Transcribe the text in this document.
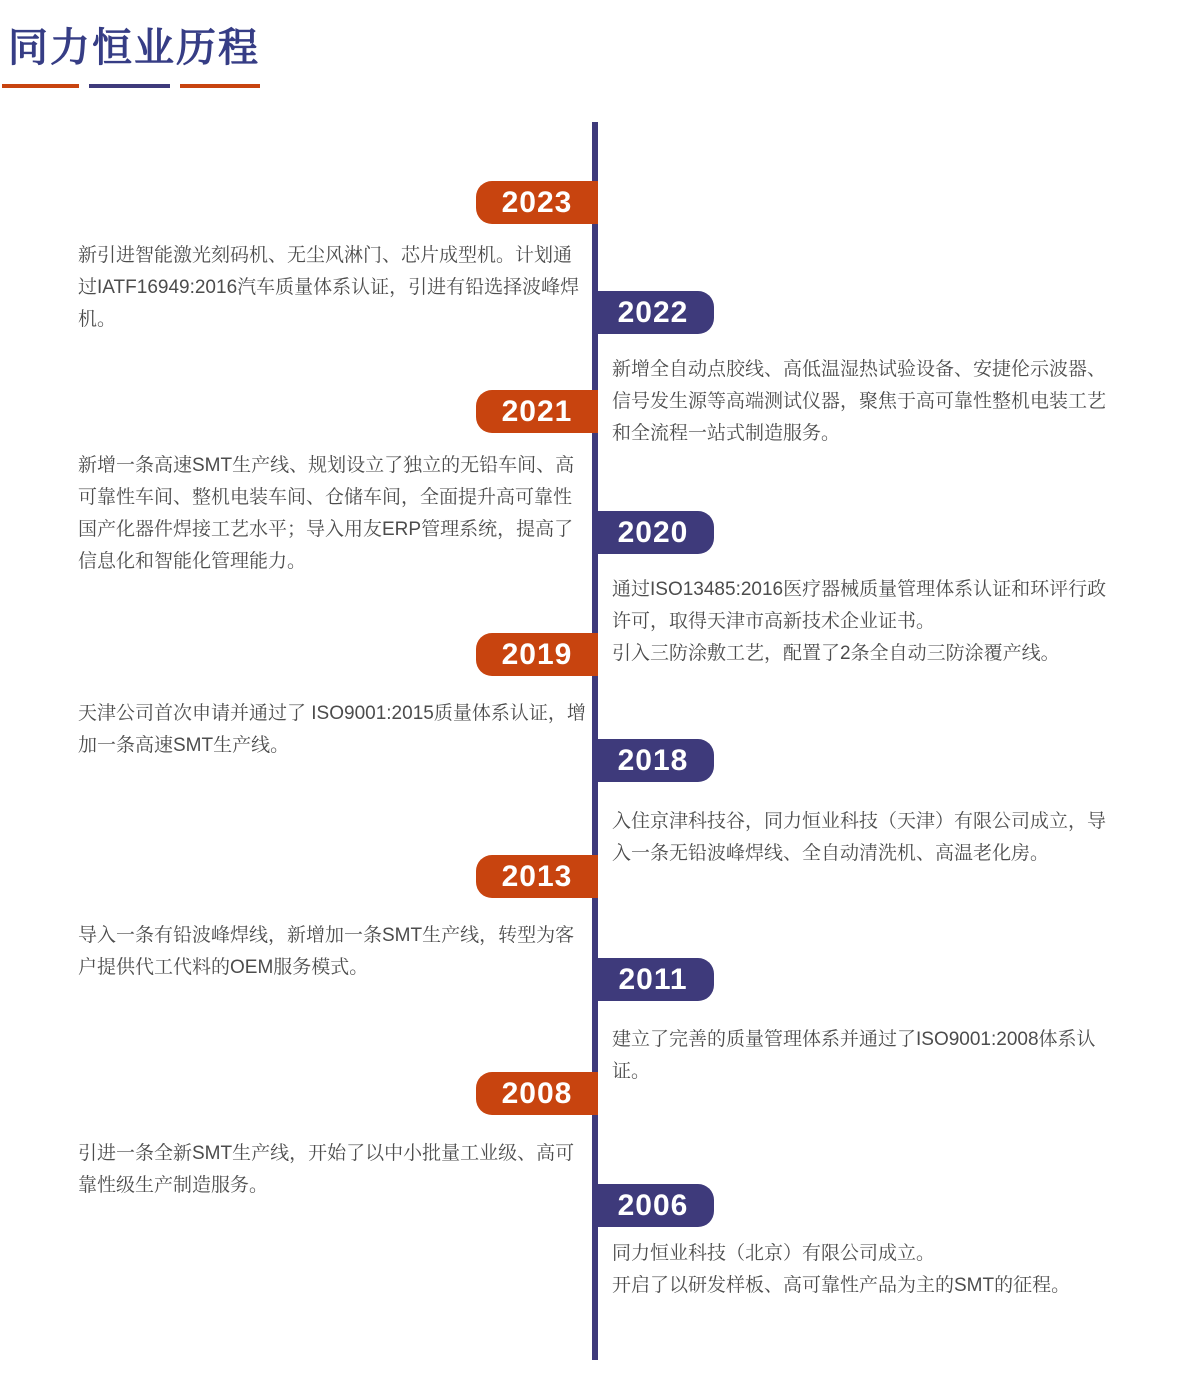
同力恒业历程
2023

新引进智能激光刻码机、无尘风淋门、芯片成型机。计划通过IATF16949:2016汽车质量体系认证，引进有铅选择波峰焊机。	2022

新增全自动点胶线、高低温湿热试验设备、安捷伦示波器、信号发生源等高端测试仪器，聚焦于高可靠性整机电装工艺和全流程一站式制造服务。

2021

新增一条高速SMT生产线、规划设立了独立的无铅车间、高可靠性车间、整机电装车间、仓储车间，全面提升高可靠性国产化器件焊接工艺水平；导入用友ERP管理系统，提高了信息化和智能化管理能力。

2020

通过ISO13485:2016医疗器械质量管理体系认证和环评行政许可，取得天津市高新技术企业证书。

引入三防涂敷工艺，配置了2条全自动三防涂覆产线。

2019

天津公司首次申请并通过了 ISO9001:2015质量体系认证，增加一条高速SMT生产线。	2018

入住京津科技谷，同力恒业科技（天津）有限公司成立，导入一条无铅波峰焊线、全自动清洗机、高温老化房。

2013

导入一条有铅波峰焊线，新增加一条SMT生产线，转型为客户提供代工代料的OEM服务模式。	2011

建立了完善的质量管理体系并通过了ISO9001:2008体系认证。

2008

引进一条全新SMT生产线，开始了以中小批量工业级、高可靠性级生产制造服务。

2006

同力恒业科技（北京）有限公司成立。

开启了以研发样板、高可靠性产品为主的SMT的征程。
